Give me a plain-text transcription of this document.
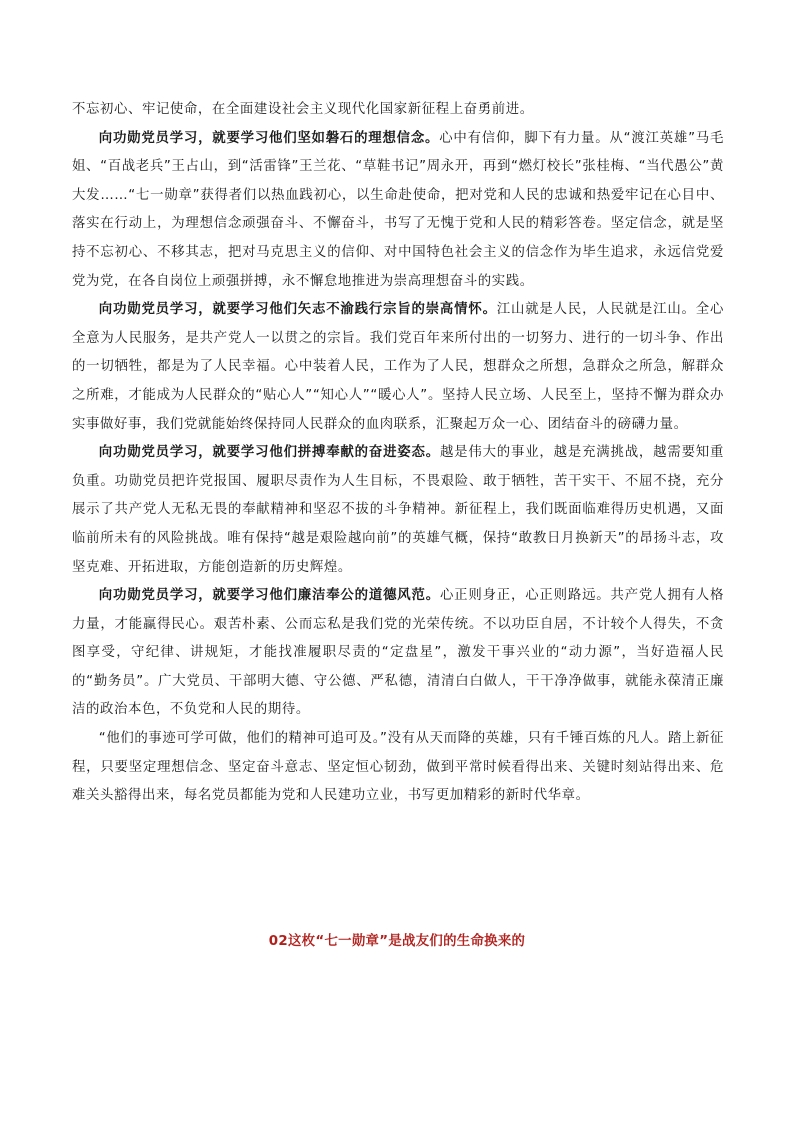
不忘初心、牢记使命，在全面建设社会主义现代化国家新征程上奋勇前进。

向功勋党员学习，就要学习他们坚如磐石的理想信念。心中有信仰，脚下有力量。从“渡江英雄”马毛姐、“百战老兵”王占山，到“活雷锋”王兰花、“草鞋书记”周永开，再到“燃灯校长”张桂梅、“当代愚公”黄大发……“七一勋章”获得者们以热血践初心，以生命赴使命，把对党和人民的忠诚和热爱牢记在心目中、落实在行动上，为理想信念顽强奋斗、不懈奋斗，书写了无愧于党和人民的精彩答卷。坚定信念，就是坚持不忘初心、不移其志，把对马克思主义的信仰、对中国特色社会主义的信念作为毕生追求，永远信党爱党为党，在各自岗位上顽强拼搏，永不懈怠地推进为崇高理想奋斗的实践。

向功勋党员学习，就要学习他们矢志不渝践行宗旨的崇高情怀。江山就是人民，人民就是江山。全心全意为人民服务，是共产党人一以贯之的宗旨。我们党百年来所付出的一切努力、进行的一切斗争、作出的一切牺牲，都是为了人民幸福。心中装着人民，工作为了人民，想群众之所想，急群众之所急，解群众之所难，才能成为人民群众的“贴心人”“知心人”“暖心人”。坚持人民立场、人民至上，坚持不懈为群众办实事做好事，我们党就能始终保持同人民群众的血肉联系，汇聚起万众一心、团结奋斗的磅礴力量。

向功勋党员学习，就要学习他们拼搏奉献的奋进姿态。越是伟大的事业，越是充满挑战，越需要知重负重。功勋党员把许党报国、履职尽责作为人生目标，不畏艰险、敢于牺牲，苦干实干、不屈不挠，充分展示了共产党人无私无畏的奉献精神和坚忍不拔的斗争精神。新征程上，我们既面临难得历史机遇，又面临前所未有的风险挑战。唯有保持“越是艰险越向前”的英雄气概，保持“敢教日月换新天”的昂扬斗志，攻坚克难、开拓进取，方能创造新的历史辉煌。

向功勋党员学习，就要学习他们廉洁奉公的道德风范。心正则身正，心正则路远。共产党人拥有人格力量，才能赢得民心。艰苦朴素、公而忘私是我们党的光荣传统。不以功臣自居，不计较个人得失，不贪图享受，守纪律、讲规矩，才能找准履职尽责的“定盘星”，激发干事兴业的“动力源”，当好造福人民的“勤务员”。广大党员、干部明大德、守公德、严私德，清清白白做人，干干净净做事，就能永葆清正廉洁的政治本色，不负党和人民的期待。

“他们的事迹可学可做，他们的精神可追可及。”没有从天而降的英雄，只有千锤百炼的凡人。踏上新征程，只要坚定理想信念、坚定奋斗意志、坚定恒心韧劲，做到平常时候看得出来、关键时刻站得出来、危难关头豁得出来，每名党员都能为党和人民建功立业，书写更加精彩的新时代华章。

02这枚“七一勋章”是战友们的生命换来的
